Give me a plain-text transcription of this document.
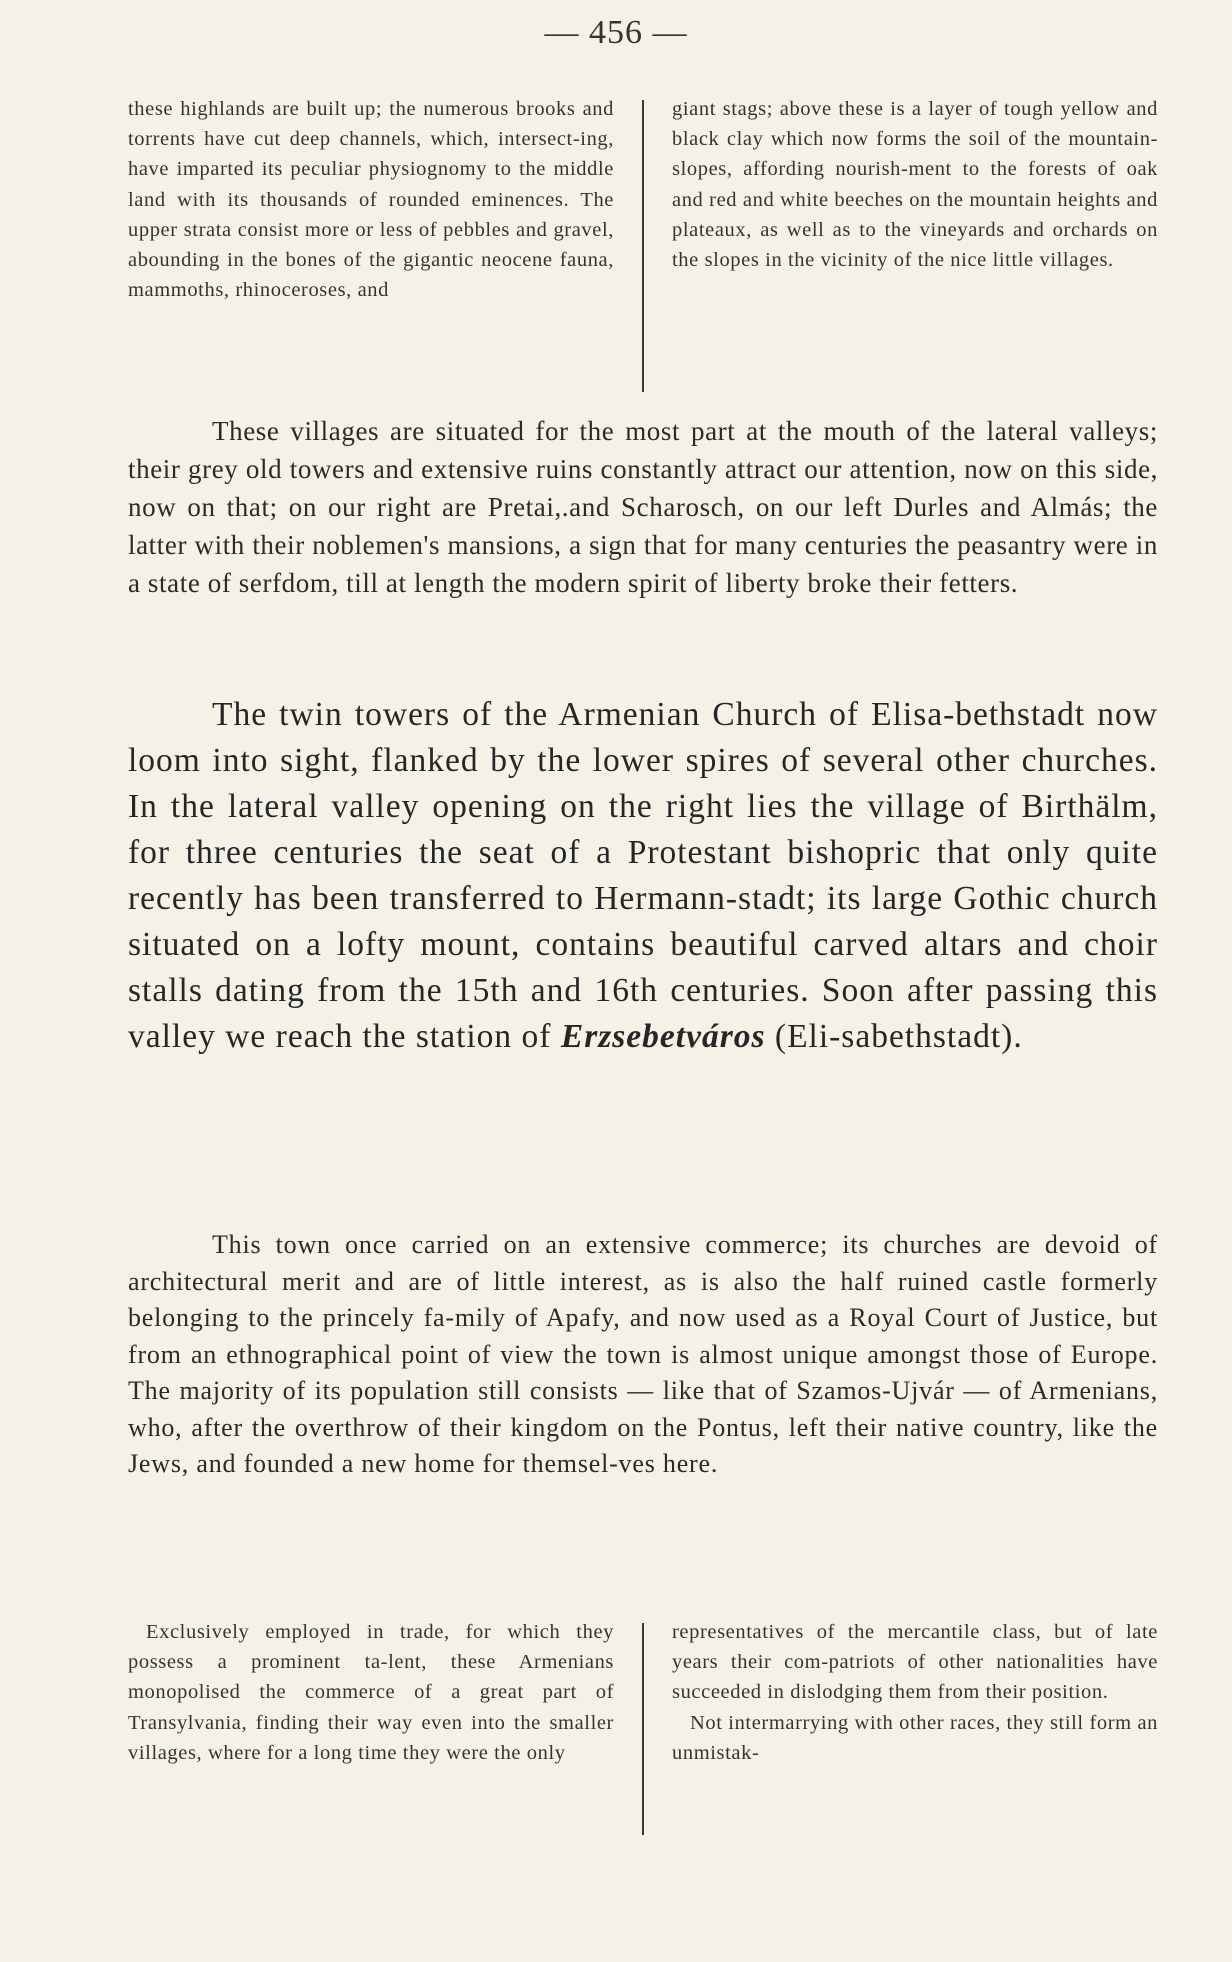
— 456 —

these highlands are built up; the numerous brooks and torrents have cut deep channels, which, intersect-ing, have imparted its peculiar physiognomy to the middle land with its thousands of rounded eminences. The upper strata consist more or less of pebbles and gravel, abounding in the bones of the gigantic neocene fauna, mammoths, rhinoceroses, and

giant stags; above these is a layer of tough yellow and black clay which now forms the soil of the mountain-slopes, affording nourish-ment to the forests of oak and red and white beeches on the mountain heights and plateaux, as well as to the vineyards and orchards on the slopes in the vicinity of the nice little villages.

These villages are situated for the most part at the mouth of the lateral valleys; their grey old towers and extensive ruins constantly attract our attention, now on this side, now on that; on our right are Pretai,.and Scharosch, on our left Durles and Almás; the latter with their noblemen's mansions, a sign that for many centuries the peasantry were in a state of serfdom, till at length the modern spirit of liberty broke their fetters.

The twin towers of the Armenian Church of Elisa-bethstadt now loom into sight, flanked by the lower spires of several other churches. In the lateral valley opening on the right lies the village of Birthälm, for three centuries the seat of a Protestant bishopric that only quite recently has been transferred to Hermann-stadt; its large Gothic church situated on a lofty mount, contains beautiful carved altars and choir stalls dating from the 15th and 16th centuries. Soon after passing this valley we reach the station of Erzsebetváros (Eli-sabethstadt).

This town once carried on an extensive commerce; its churches are devoid of architectural merit and are of little interest, as is also the half ruined castle formerly belonging to the princely fa-mily of Apafy, and now used as a Royal Court of Justice, but from an ethnographical point of view the town is almost unique amongst those of Europe. The majority of its population still consists — like that of Szamos-Ujvár — of Armenians, who, after the overthrow of their kingdom on the Pontus, left their native country, like the Jews, and founded a new home for themsel-ves here.

Exclusively employed in trade, for which they possess a prominent ta-lent, these Armenians monopolised the commerce of a great part of Transylvania, finding their way even into the smaller villages, where for a long time they were the only

representatives of the mercantile class, but of late years their com-patriots of other nationalities have succeeded in dislodging them from their position.

Not intermarrying with other races, they still form an unmistak-
